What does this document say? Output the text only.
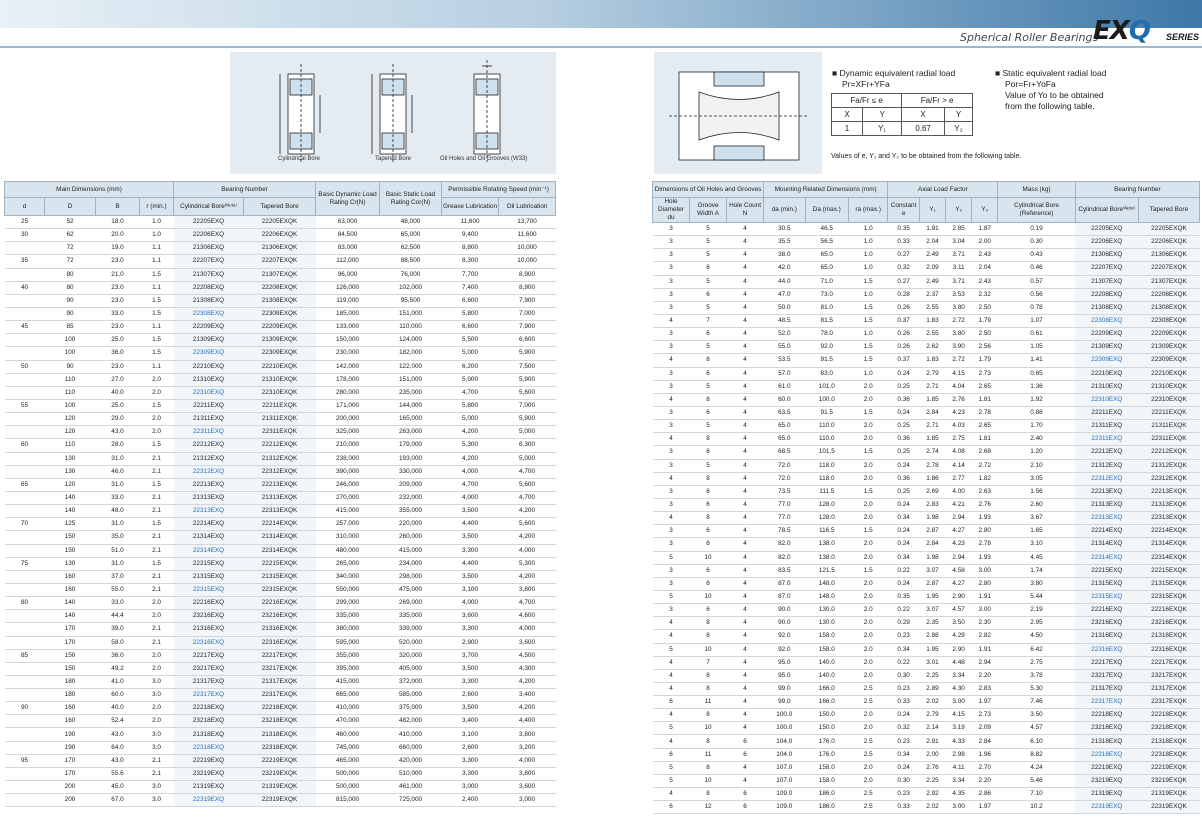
Spherical Roller Bearings
EXQ SERIES
Cylindrical Bore	Tapered Bore	Oil Holes and Oil Grooves (W33)
■ Dynamic equivalent radial load
Pr=XFr+YFa
■ Static equivalent radial load
Por=Fr+YoFa
Value of Yo to be obtained
from the following table.
Fa/Fr ≤ e		Fa/Fr > e	
X	Y	X	Y
1	Y₁	0.67	Y₂
Values of e, Y₁ and Y₂ to be obtained from the following table.
Main Dimensions (mm)				Bearing Number		Basic Dynamic Load Rating Cr(N)	Basic Static Load Rating Cor(N)	Permissible Rotating Speed (min⁻¹)	
d	D	B	r (min.)	Cylindrical Bore⁽ᴺᵒᵗᵉ⁾	Tapered Bore			Grease Lubrication	Oil Lubrication
25	52	18.0	1.0	22205EXQ	22205EXQK	63,000	48,000	11,600	13,700
30	62	20.0	1.0	22206EXQ	22206EXQK	84,500	65,000	9,400	11,600
	72	19.0	1.1	21306EXQ	21306EXQK	83,000	62,500	8,800	10,000
35	72	23.0	1.1	22207EXQ	22207EXQK	112,000	88,500	8,300	10,000
	80	21.0	1.5	21307EXQ	21307EXQK	96,000	76,000	7,700	8,900
40	80	23.0	1.1	22208EXQ	22208EXQK	126,000	102,000	7,400	8,900
	90	23.0	1.5	21308EXQ	21308EXQK	119,000	95,500	6,600	7,900
	90	33.0	1.5	22308EXQ	22308EXQK	185,000	151,000	5,800	7,000
45	85	23.0	1.1	22209EXQ	22209EXQK	133,000	110,000	6,600	7,900
	100	25.0	1.5	21309EXQ	21309EXQK	150,000	124,000	5,500	6,600
	100	36.0	1.5	22309EXQ	22309EXQK	230,000	182,000	5,000	5,900
50	90	23.0	1.1	22210EXQ	22210EXQK	142,000	122,000	6,200	7,500
	110	27.0	2.0	21310EXQ	21310EXQK	178,000	151,000	5,000	5,900
	110	40.0	2.0	22310EXQ	22310EXQK	280,000	235,000	4,700	5,600
55	100	25.0	1.5	22211EXQ	22211EXQK	171,000	144,000	5,800	7,000
	120	29.0	2.0	21311EXQ	21311EXQK	200,000	165,000	5,000	5,900
	120	43.0	2.0	22311EXQ	22311EXQK	325,000	263,000	4,200	5,000
60	110	28.0	1.5	22212EXQ	22212EXQK	210,000	179,000	5,300	6,300
	130	31.0	2.1	21312EXQ	21312EXQK	238,000	193,000	4,200	5,000
	130	46.0	2.1	22312EXQ	22312EXQK	390,000	330,000	4,000	4,700
65	120	31.0	1.5	22213EXQ	22213EXQK	246,000	209,000	4,700	5,600
	140	33.0	2.1	21313EXQ	21313EXQK	270,000	232,000	4,000	4,700
	140	48.0	2.1	22313EXQ	22313EXQK	415,000	355,000	3,500	4,200
70	125	31.0	1.5	22214EXQ	22214EXQK	257,000	220,000	4,400	5,600
	150	35.0	2.1	21314EXQ	21314EXQK	310,000	260,000	3,500	4,200
	150	51.0	2.1	22314EXQ	22314EXQK	480,000	415,000	3,300	4,000
75	130	31.0	1.5	22215EXQ	22215EXQK	265,000	234,000	4,400	5,300
	160	37.0	2.1	21315EXQ	21315EXQK	340,000	298,000	3,500	4,200
	160	55.0	2.1	22315EXQ	22315EXQK	550,000	475,000	3,100	3,800
80	140	33.0	2.0	22216EXQ	22216EXQK	299,000	269,000	4,000	4,700
	140	44.4	2.0	23216EXQ	23216EXQK	335,000	335,000	3,600	4,600
	170	39.0	2.1	21316EXQ	21316EXQK	380,000	339,000	3,300	4,000
	170	58.0	2.1	22316EXQ	22316EXQK	595,000	520,000	2,900	3,600
85	150	36.0	2.0	22217EXQ	22217EXQK	355,000	320,000	3,700	4,500
	150	49.2	2.0	23217EXQ	23217EXQK	395,000	405,000	3,500	4,300
	180	41.0	3.0	21317EXQ	21317EXQK	415,000	372,000	3,300	4,200
	180	60.0	3.0	22317EXQ	22317EXQK	665,000	585,000	2,600	3,400
90	160	40.0	2.0	22218EXQ	22218EXQK	410,000	375,000	3,500	4,200
	160	52.4	2.0	23218EXQ	23218EXQK	470,000	482,000	3,400	4,400
	190	43.0	3.0	21318EXQ	21318EXQK	460,000	410,000	3,100	3,800
	190	64.0	3.0	22318EXQ	22318EXQK	745,000	660,000	2,600	3,200
95	170	43.0	2.1	22219EXQ	22219EXQK	465,000	420,000	3,300	4,000
	170	55.6	2.1	23219EXQ	23219EXQK	500,000	510,000	3,300	3,800
	200	45.0	3.0	21319EXQ	21319EXQK	500,000	461,000	3,000	3,600
	200	67.0	3.0	22319EXQ	22319EXQK	815,000	725,000	2,400	3,000
Dimensions of Oil Holes and Grooves			Mounting Related Dimensions (mm)			Axial Load Factor				Mass (kg)	Bearing Number	
Hole Diameter du	Groove Width A	Hole Count N	da (min.)	Da (max.)	ra (max.)	Constant e	Y₁	Y₂	Y₀	Cylindrical Bore (Reference)	Cylindrical Bore⁽ᴺᵒᵗᵉ⁾	Tapered Bore
3	5	4	30.5	46.5	1.0	0.35	1.91	2.85	1.87	0.19	22205EXQ	22205EXQK
3	5	4	35.5	56.5	1.0	0.33	2.04	3.04	2.00	0.30	22206EXQ	22206EXQK
3	5	4	38.0	65.0	1.0	0.27	2.49	3.71	2.43	0.43	21306EXQ	21306EXQK
3	6	4	42.0	65.0	1.0	0.32	2.09	3.11	2.04	0.46	22207EXQ	22207EXQK
3	5	4	44.0	71.0	1.5	0.27	2.49	3.71	2.43	0.57	21307EXQ	21307EXQK
3	6	4	47.0	73.0	1.0	0.28	2.37	3.53	2.32	0.56	22208EXQ	22208EXQK
3	5	4	50.0	81.0	1.5	0.26	2.55	3.80	2.50	0.78	21308EXQ	21308EXQK
4	7	4	48.5	81.5	1.5	0.37	1.83	2.72	1.79	1.07	22308EXQ	22308EXQK
3	6	4	52.0	78.0	1.0	0.26	2.55	3.80	2.50	0.61	22209EXQ	22209EXQK
3	5	4	55.0	92.0	1.5	0.26	2.62	3.90	2.56	1.05	21309EXQ	21309EXQK
4	8	4	53.5	91.5	1.5	0.37	1.83	2.72	1.79	1.41	22309EXQ	22309EXQK
3	6	4	57.0	83.0	1.0	0.24	2.79	4.15	2.73	0.65	22210EXQ	22210EXQK
3	5	4	61.0	101.0	2.0	0.25	2.71	4.04	2.65	1.36	21310EXQ	21310EXQK
4	8	4	60.0	100.0	2.0	0.36	1.85	2.76	1.81	1.92	22310EXQ	22310EXQK
3	6	4	63.5	91.5	1.5	0.24	2.84	4.23	2.78	0.88	22211EXQ	22211EXQK
3	5	4	65.0	110.0	2.0	0.25	2.71	4.03	2.65	1.70	21311EXQ	21311EXQK
4	8	4	65.0	110.0	2.0	0.36	1.85	2.75	1.81	2.40	22311EXQ	22311EXQK
3	6	4	68.5	101.5	1.5	0.25	2.74	4.08	2.68	1.20	22212EXQ	22212EXQK
3	5	4	72.0	118.0	2.0	0.24	2.78	4.14	2.72	2.10	21312EXQ	21312EXQK
4	8	4	72.0	118.0	2.0	0.36	1.86	2.77	1.82	3.05	22312EXQ	22312EXQK
3	6	4	73.5	111.5	1.5	0.25	2.69	4.00	2.63	1.56	22213EXQ	22213EXQK
3	6	4	77.0	128.0	2.0	0.24	2.83	4.21	2.76	2.60	21313EXQ	21313EXQK
4	8	4	77.0	128.0	2.0	0.34	1.98	2.94	1.93	3.67	22313EXQ	22313EXQK
3	6	4	78.5	116.5	1.5	0.24	2.87	4.27	2.80	1.65	22214EXQ	22214EXQK
3	6	4	82.0	138.0	2.0	0.24	2.84	4.23	2.78	3.10	21314EXQ	21314EXQK
5	10	4	82.0	138.0	2.0	0.34	1.98	2.94	1.93	4.45	22314EXQ	22314EXQK
3	6	4	83.5	121.5	1.5	0.22	3.07	4.58	3.00	1.74	22215EXQ	22215EXQK
3	6	4	87.0	148.0	2.0	0.24	2.87	4.27	2.80	3.80	21315EXQ	21315EXQK
5	10	4	87.0	148.0	2.0	0.35	1.95	2.90	1.91	5.44	22315EXQ	22315EXQK
3	6	4	90.0	130.0	2.0	0.22	3.07	4.57	3.00	2.19	22216EXQ	22216EXQK
4	8	4	90.0	130.0	2.0	0.29	2.35	3.50	2.30	2.95	23216EXQ	23216EXQK
4	8	4	92.0	158.0	2.0	0.23	2.88	4.29	2.82	4.50	21316EXQ	21316EXQK
5	10	4	92.0	158.0	2.0	0.34	1.95	2.90	1.91	6.42	22316EXQ	22316EXQK
4	7	4	95.0	140.0	2.0	0.22	3.01	4.48	2.94	2.75	22217EXQ	22217EXQK
4	8	4	95.0	140.0	2.0	0.30	2.25	3.34	2.20	3.78	23217EXQ	23217EXQK
4	8	4	99.0	166.0	2.5	0.23	2.89	4.30	2.83	5.30	21317EXQ	21317EXQK
6	11	4	99.0	166.0	2.5	0.33	2.02	3.00	1.97	7.46	22317EXQ	22317EXQK
4	8	4	100.0	150.0	2.0	0.24	2.79	4.15	2.73	3.50	22218EXQ	22218EXQK
5	10	4	100.0	150.0	2.0	0.32	2.14	3.19	2.09	4.57	23218EXQ	23218EXQK
4	8	6	104.0	176.0	2.5	0.23	2.91	4.33	2.84	6.10	21318EXQ	21318EXQK
6	11	6	104.0	176.0	2.5	0.34	2.00	2.98	1.96	8.82	22318EXQ	22318EXQK
5	8	4	107.0	158.0	2.0	0.24	2.76	4.11	2.70	4.24	22219EXQ	22219EXQK
5	10	4	107.0	158.0	2.0	0.30	2.25	3.34	2.20	5.46	23219EXQ	23219EXQK
4	8	6	109.0	186.0	2.5	0.23	2.92	4.35	2.86	7.10	21319EXQ	21319EXQK
6	12	6	109.0	186.0	2.5	0.33	2.02	3.00	1.97	10.2	22319EXQ	22319EXQK
